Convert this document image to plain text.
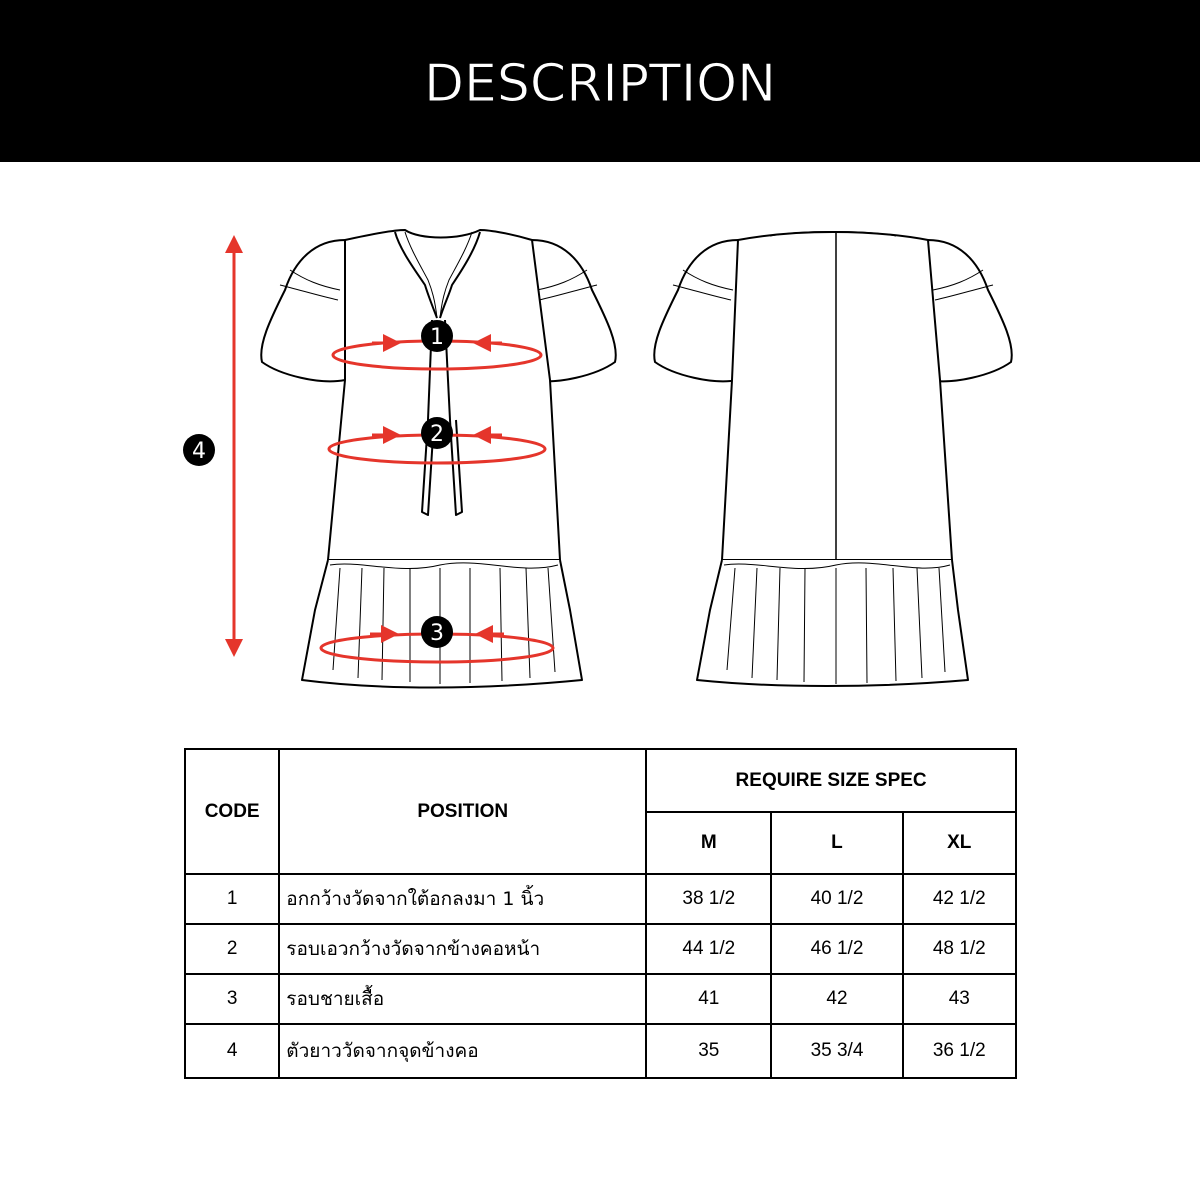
DESCRIPTION
1
2
3
4
CODE	POSITION	REQUIRE SIZE SPEC		
		M	L	XL
1	อกกว้างวัดจากใต้อกลงมา 1 นิ้ว	38 1/2	40 1/2	42 1/2
2	รอบเอวกว้างวัดจากข้างคอหน้า	44 1/2	46 1/2	48 1/2
3	รอบชายเสื้อ	41	42	43
4	ตัวยาววัดจากจุดข้างคอ	35	35 3/4	36 1/2
